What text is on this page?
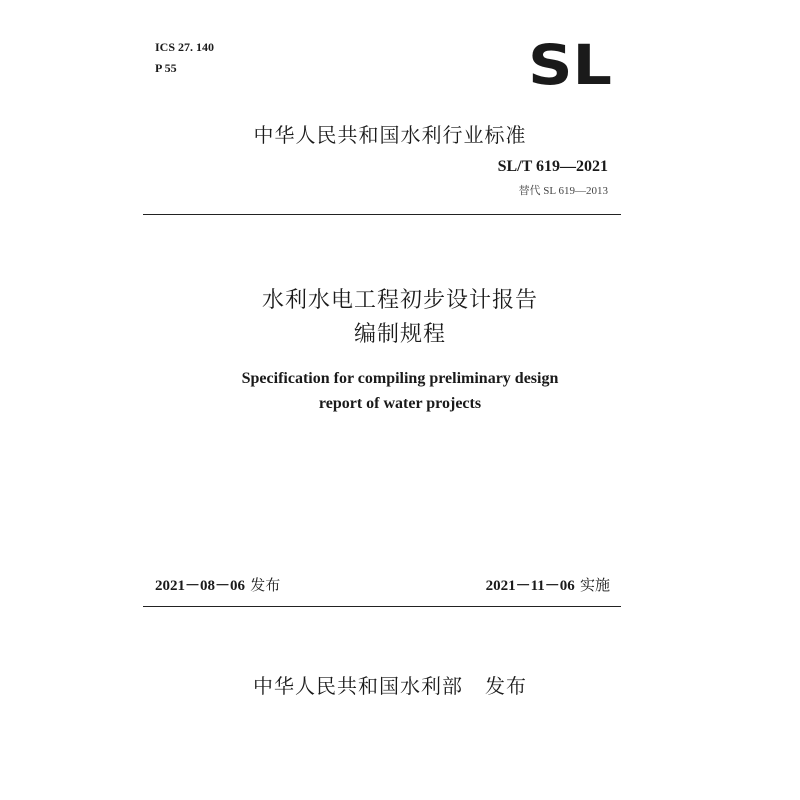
ICS 27. 140

P 55	SL

中华人民共和国水利行业标准

SL/T 619—2021

替代 SL 619—2013

水利水电工程初步设计报告
编制规程
Specification for compiling preliminary design
report of water projects

2021－08－06 发布	2021－11－06 实施

中华人民共和国水利部 发布
